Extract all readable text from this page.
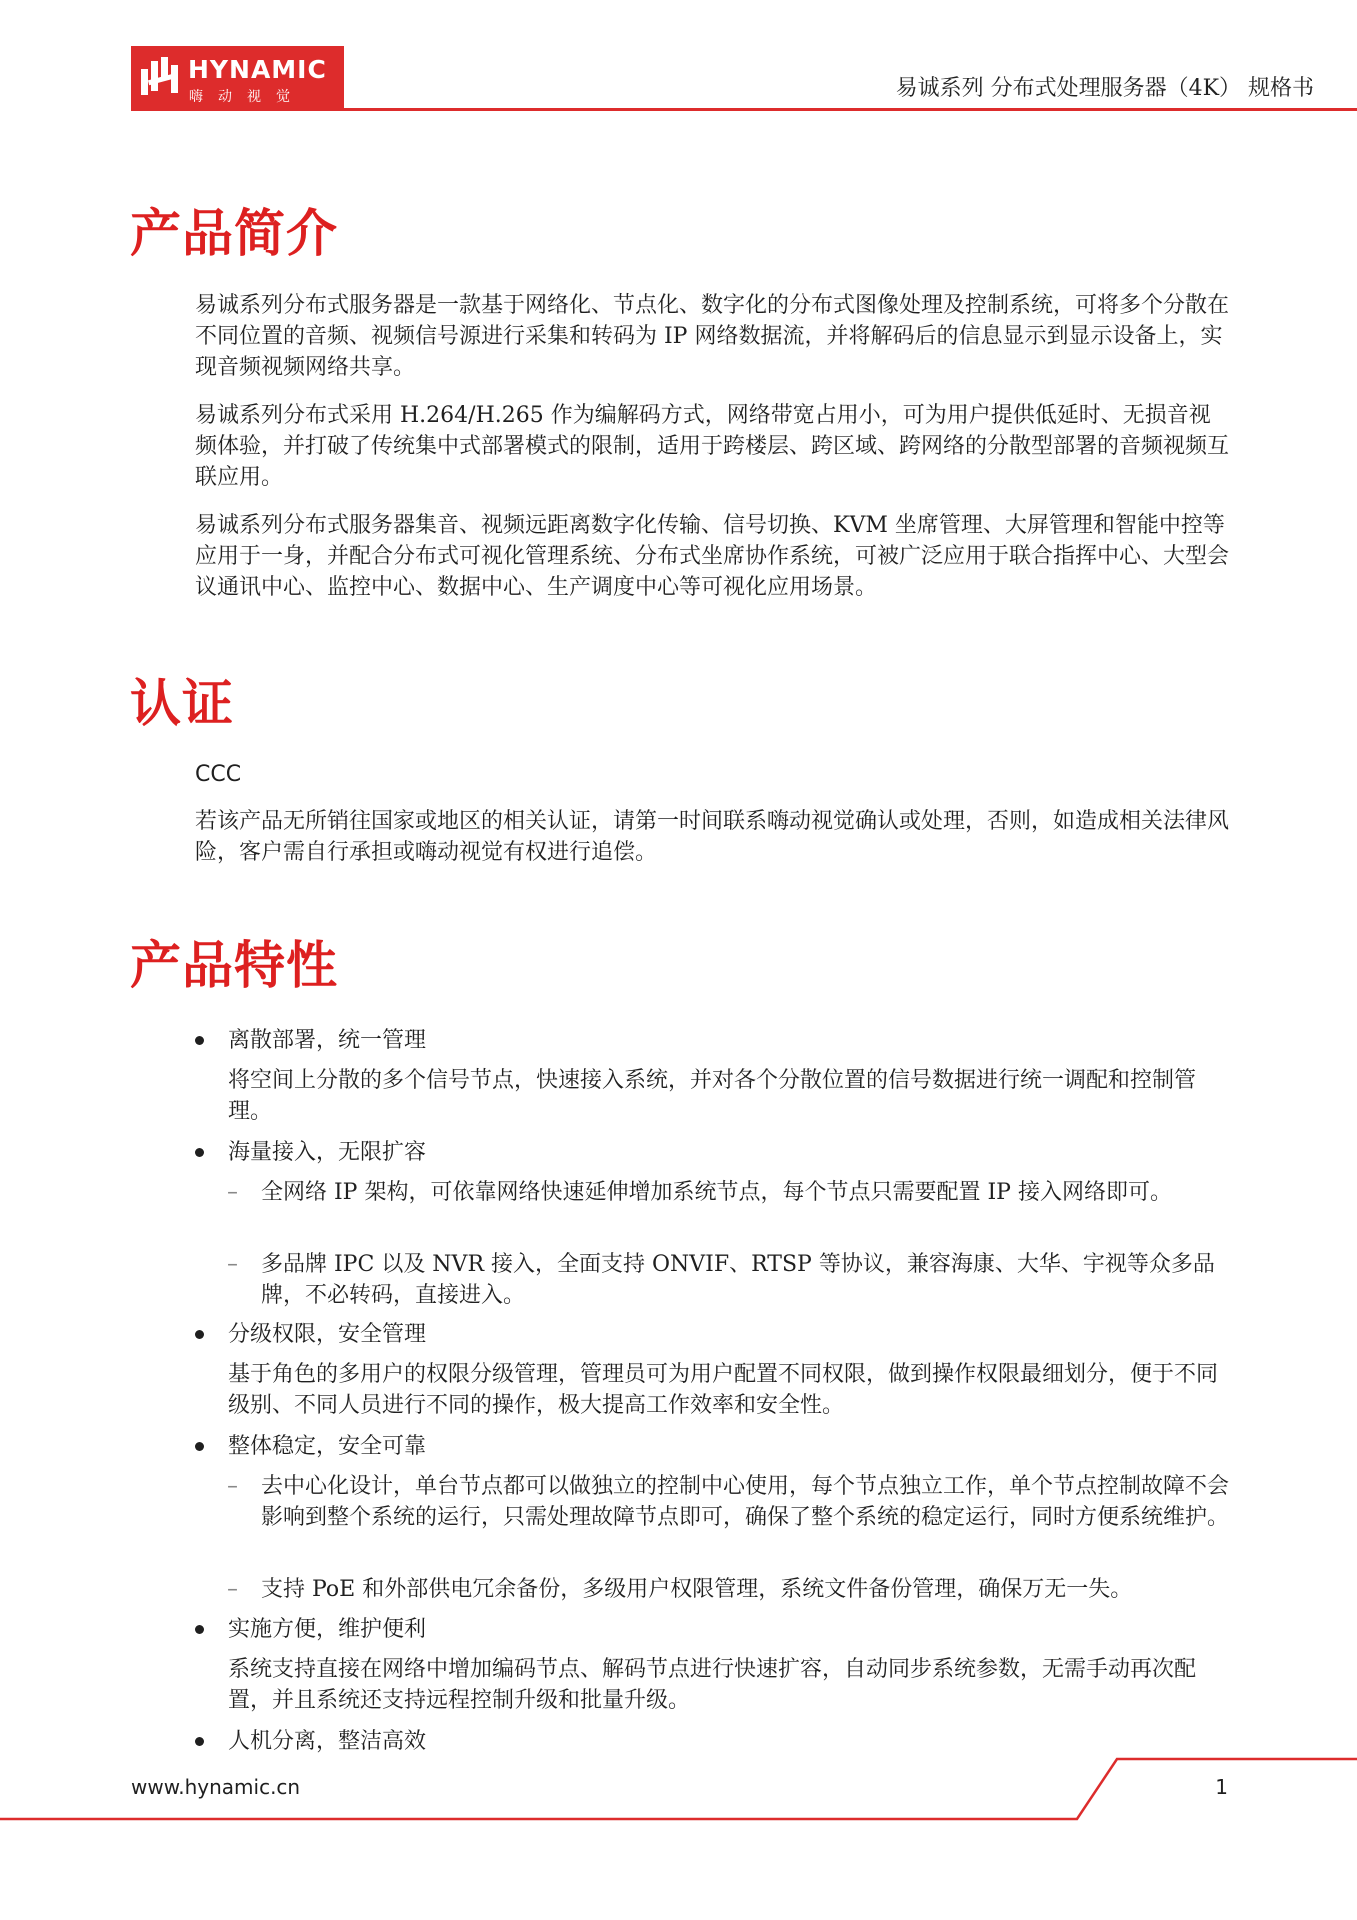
HYNAMIC
嗨动视觉	易诚系列 分布式处理服务器（4K） 规格书
产品简介

易诚系列分布式服务器是一款基于网络化、节点化、数字化的分布式图像处理及控制系统，可将多个分散在不同位置的音频、视频信号源进行采集和转码为 IP 网络数据流，并将解码后的信息显示到显示设备上，实现音频视频网络共享。

易诚系列分布式采用 H.264/H.265 作为编解码方式，网络带宽占用小，可为用户提供低延时、无损音视频体验，并打破了传统集中式部署模式的限制，适用于跨楼层、跨区域、跨网络的分散型部署的音频视频互联应用。

易诚系列分布式服务器集音、视频远距离数字化传输、信号切换、KVM 坐席管理、大屏管理和智能中控等应用于一身，并配合分布式可视化管理系统、分布式坐席协作系统，可被广泛应用于联合指挥中心、大型会议通讯中心、监控中心、数据中心、生产调度中心等可视化应用场景。

认证
CCC

若该产品无所销往国家或地区的相关认证，请第一时间联系嗨动视觉确认或处理，否则，如造成相关法律风险，客户需自行承担或嗨动视觉有权进行追偿。

产品特性
离散部署，统一管理

将空间上分散的多个信号节点，快速接入系统，并对各个分散位置的信号数据进行统一调配和控制管理。

海量接入，无限扩容
– 全网络 IP 架构，可依靠网络快速延伸增加系统节点，每个节点只需要配置 IP 接入网络即可。

– 多品牌 IPC 以及 NVR 接入，全面支持 ONVIF、RTSP 等协议，兼容海康、大华、宇视等众多品牌，不必转码，直接进入。

分级权限，安全管理

基于角色的多用户的权限分级管理，管理员可为用户配置不同权限，做到操作权限最细划分，便于不同级别、不同人员进行不同的操作，极大提高工作效率和安全性。

整体稳定，安全可靠
– 去中心化设计，单台节点都可以做独立的控制中心使用，每个节点独立工作，单个节点控制故障不会影响到整个系统的运行，只需处理故障节点即可，确保了整个系统的稳定运行，同时方便系统维护。

– 支持 PoE 和外部供电冗余备份，多级用户权限管理，系统文件备份管理，确保万无一失。

实施方便，维护便利

系统支持直接在网络中增加编码节点、解码节点进行快速扩容，自动同步系统参数，无需手动再次配置，并且系统还支持远程控制升级和批量升级。

人机分离，整洁高效
www.hynamic.cn	1
